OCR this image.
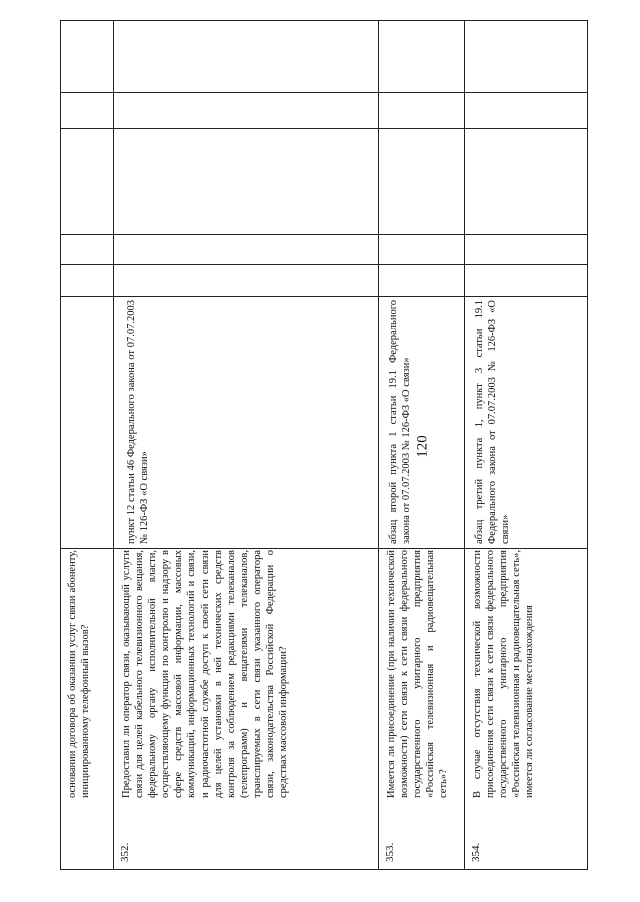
120

основании договора об оказании услуг связи абоненту, инициированному телефонный вызов?

352.

Предоставил ли оператор связи, оказывающий услуги связи для целей кабельного телевизионного вещания, федеральному органу исполнительной власти, осуществляющему функции по контролю и надзору в сфере средств массовой информации, массовых коммуникаций, информационных технологий и связи, и радиочастотной службе доступ к своей сети связи для целей установки в ней технических средств контроля за соблюдением редакциями телеканалов (телепрограмм) и вещателями телеканалов, транслируемых в сети связи указанного оператора связи, законодательства Российской Федерации о средствах массовой информации?

пункт 12 статьи 46 Федерального закона от 07.07.2003 № 126-ФЗ «О связи»

353.

Имеется ли присоединение (при наличии технической возможности) сети связи к сети связи федерального государственного унитарного предприятия «Российская телевизионная и радиовещательная сеть»?

абзац второй пункта 1 статьи 19.1 Федерального закона от 07.07.2003 № 126-ФЗ «О связи»

354.

В случае отсутствия технической возможности присоединения сети связи к сети связи федерального государственного унитарного предприятия «Российская телевизионная и радиовещательная сеть», имеется ли согласование местонахождения

абзац третий пункта 1, пункт 3 статьи 19.1 Федерального закона от 07.07.2003 № 126-ФЗ «О связи»
